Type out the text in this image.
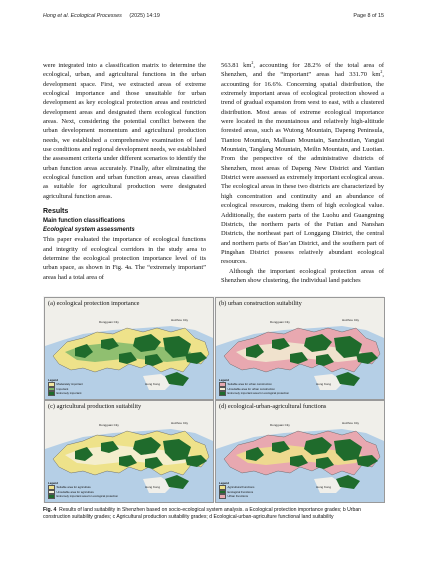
Hong et al. Ecological Processes (2025) 14:19	Page 8 of 15

were integrated into a classification matrix to determine the ecological, urban, and agricultural functions in the urban development space. First, we extracted areas of extreme ecological importance and those unsuitable for urban development as key ecological protection areas and restricted development areas and designated them ecological function areas. Next, considering the potential conflict between the urban development momentum and agricultural production needs, we established a comprehensive examination of land use conditions and regional development needs, we established the assessment criteria under different scenarios to identify the urban function areas accurately. Finally, after eliminating the ecological function and urban function areas, areas classified as suitable for agricultural production were designated agricultural function areas.

Results

Main function classifications

Ecological system assessments

This paper evaluated the importance of ecological functions and integrity of ecological corridors in the study area to determine the ecological protection importance level of its urban space, as shown in Fig. 4a. The “extremely important” areas had a total area of

563.81 $km^2$, accounting for 28.2% of the total area of Shenzhen, and the “important” areas had 331.70 $km^2$, accounting for 16.6%. Concerning spatial distribution, the extremely important areas of ecological protection showed a trend of gradual expansion from west to east, with a clustered distribution. Most areas of extreme ecological importance were located in the mountainous and relatively high-altitude forested areas, such as Wutong Mountain, Dapeng Peninsula, Tiantou Mountain, Malluan Mountain, Sanzhoutian, Yangtai Mountain, Tanglang Mountain, Meilin Mountain, and Luotian. From the perspective of the administrative districts of Shenzhen, most areas of Dapeng New District and Yantian District were assessed as extremely important ecological areas. The ecological areas in these two districts are characterized by high concentration and continuity and an abundance of ecological resources, making them of high ecological value. Additionally, the eastern parts of the Luohu and Guangming Districts, the northern parts of the Futian and Nanshan Districts, the northeast part of Longgang District, the central and northern parts of Bao’an District, and the southern part of Pingshan District possess relatively abundant ecological resources.

Although the important ecological protection areas of Shenzhen show clustering, the individual land patches

(a) ecological protection importance
Dongguan City	Huizhou City
Hong Kong
Legend
Moderately important
Important
Extremely important
(b) urban construction suitability
Dongguan City	Huizhou City
Hong Kong
Legend
Suitable area for urban construction
Unsuitable area for urban construction
Extremely important area for ecological protection
(c) agricultural production suitability
Dongguan City	Huizhou City
Hong Kong
Legend
Suitable area for agriculture
Unsuitable area for agriculture
Extremely important area for ecological protection
(d) ecological-urban-agricultural functions
Dongguan City	Huizhou City
Hong Kong
Legend
Agricultural Functions
Ecological Functions
Urban Functions
Fig. 4 Results of land suitability in Shenzhen based on socio-ecological system analysis. a Ecological protection importance grades; b Urban construction suitability grades; c Agricultural production suitability grades; d Ecological-urban-agriculture functional land suitability
